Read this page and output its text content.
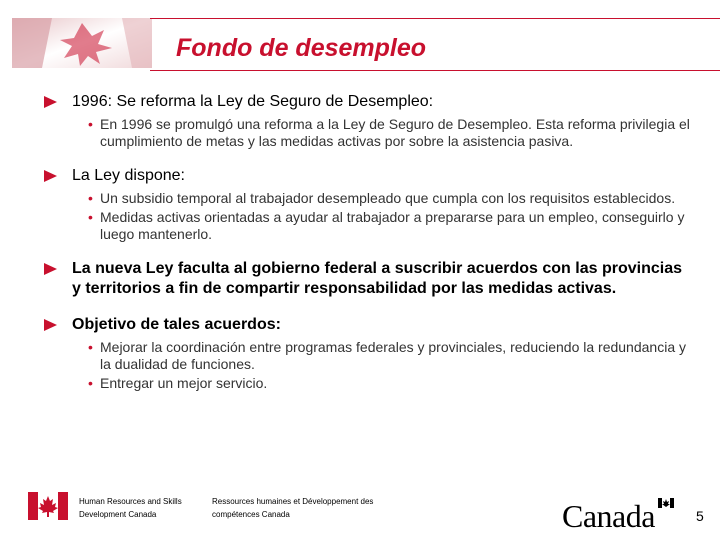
Fondo de desempleo
1996: Se reforma la Ley de Seguro de Desempleo:
• En 1996 se promulgó una reforma a la Ley de Seguro de Desempleo. Esta reforma privilegia el cumplimiento de metas y las medidas activas por sobre la asistencia pasiva.
La Ley dispone:
• Un subsidio temporal al trabajador desempleado que cumpla con los requisitos establecidos.
• Medidas activas orientadas a ayudar al trabajador a prepararse para un empleo, conseguirlo y luego mantenerlo.
La nueva Ley faculta al gobierno federal a suscribir acuerdos con las provincias y territorios a fin de compartir responsabilidad por las medidas activas.
Objetivo de tales acuerdos:
• Mejorar la coordinación entre programas federales y provinciales, reduciendo la redundancia y la dualidad de funciones.
• Entregar un mejor servicio.
Human Resources and Skills Development Canada
Ressources humaines et Développement des compétences Canada	Canada	5
